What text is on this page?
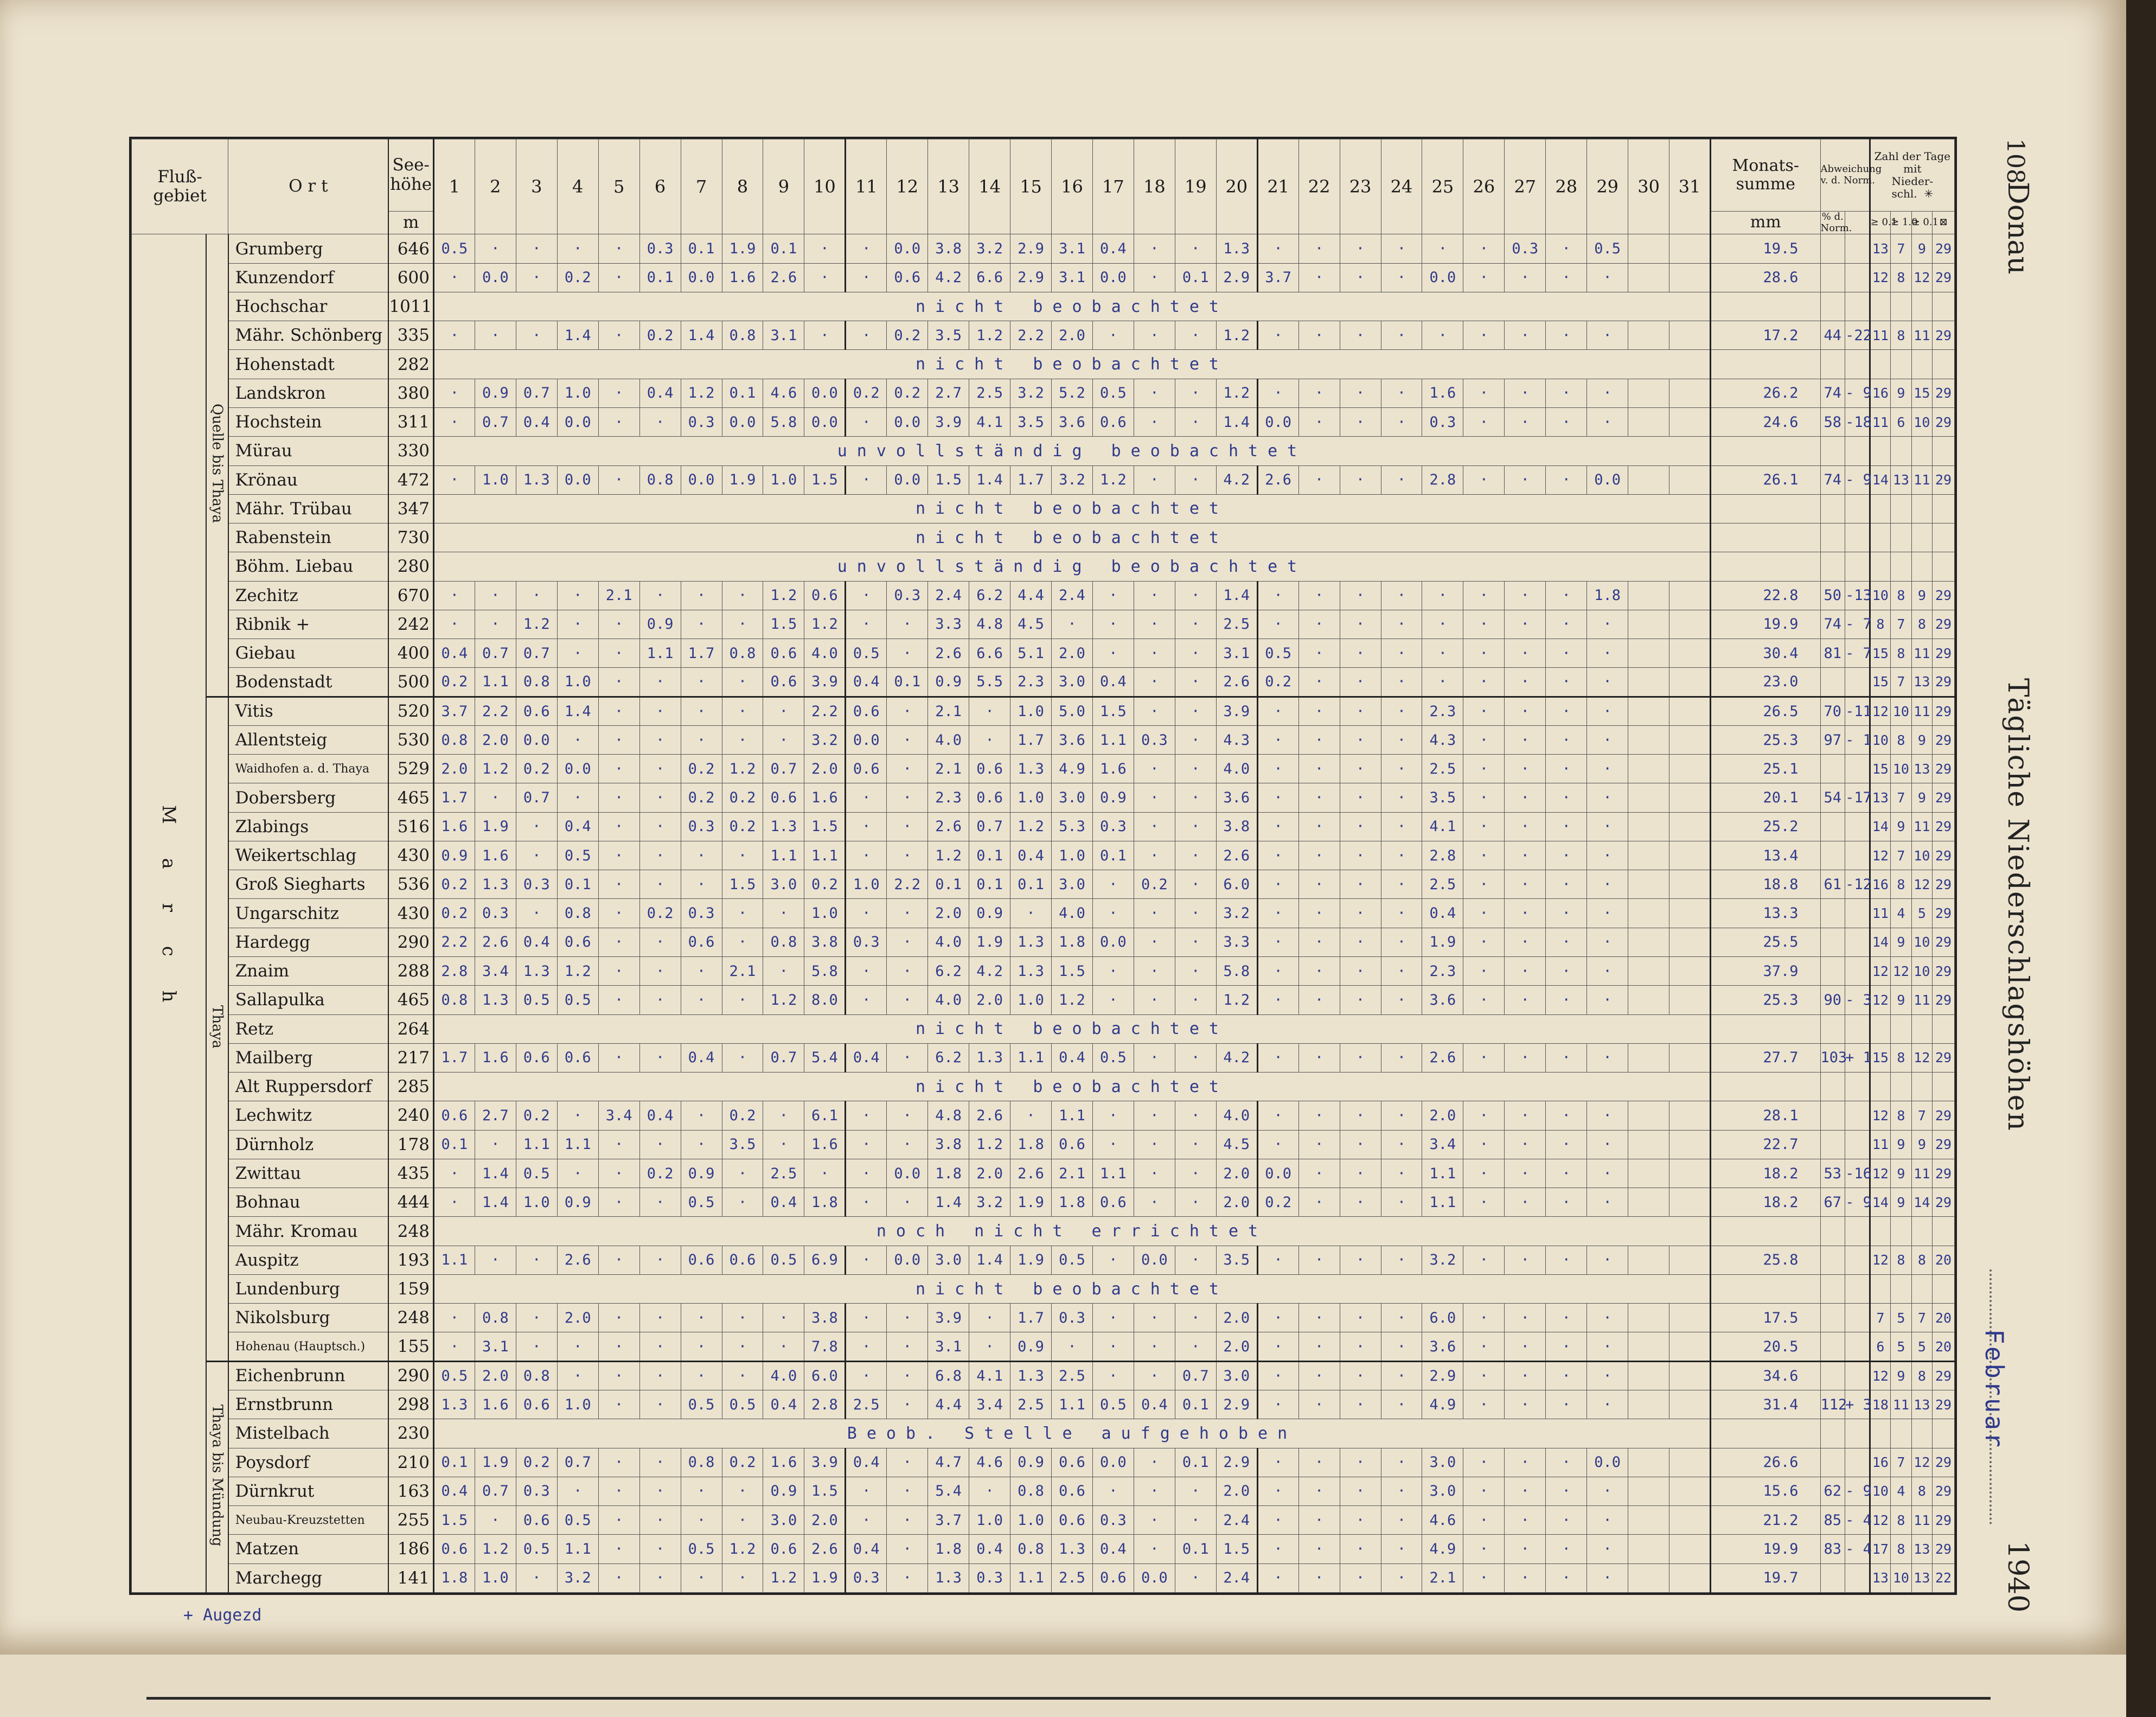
Fluß-
gebiet		O r t	See-
höhe	1	2	3	4	5	6	7	8	9	10	11	12	13	14	15	16	17	18	19	20	21	22	23	24	25	26	27	28	29	30	31	Monats-
summe	Abweichung
v. d. Norm.		Zahl der Tage
mit
Nieder-
schl.  ✳			
			m																																mm	% d.
Norm.		≥ 0.1	≥ 1.0	≥ 0.1	⊠
M a r c h	Quelle bis Thaya	Grumberg	646	0.5	·	·	·	·	0.3	0.1	1.9	0.1	·	·	0.0	3.8	3.2	2.9	3.1	0.4	·	·	1.3	·	·	·	·	·	·	0.3	·	0.5			19.5			13	7	9	29
		Kunzendorf	600	·	0.0	·	0.2	·	0.1	0.0	1.6	2.6	·	·	0.6	4.2	6.6	2.9	3.1	0.0	·	0.1	2.9	3.7	·	·	·	0.0	·	·	·	·			28.6			12	8	12	29
		Hochschar	1011	nicht beobachtet																																					
		Mähr. Schönberg	335	·	·	·	1.4	·	0.2	1.4	0.8	3.1	·	·	0.2	3.5	1.2	2.2	2.0	·	·	·	1.2	·	·	·	·	·	·	·	·	·			17.2	44	-22	11	8	11	29
		Hohenstadt	282	nicht beobachtet																																					
		Landskron	380	·	0.9	0.7	1.0	·	0.4	1.2	0.1	4.6	0.0	0.2	0.2	2.7	2.5	3.2	5.2	0.5	·	·	1.2	·	·	·	·	1.6	·	·	·	·			26.2	74	- 9	16	9	15	29
		Hochstein	311	·	0.7	0.4	0.0	·	·	0.3	0.0	5.8	0.0	·	0.0	3.9	4.1	3.5	3.6	0.6	·	·	1.4	0.0	·	·	·	0.3	·	·	·	·			24.6	58	-18	11	6	10	29
		Mürau	330	unvollständig beobachtet																																					
		Krönau	472	·	1.0	1.3	0.0	·	0.8	0.0	1.9	1.0	1.5	·	0.0	1.5	1.4	1.7	3.2	1.2	·	·	4.2	2.6	·	·	·	2.8	·	·	·	0.0			26.1	74	- 9	14	13	11	29
		Mähr. Trübau	347	nicht beobachtet																																					
		Rabenstein	730	nicht beobachtet																																					
		Böhm. Liebau	280	unvollständig beobachtet																																					
		Zechitz	670	·	·	·	·	2.1	·	·	·	1.2	0.6	·	0.3	2.4	6.2	4.4	2.4	·	·	·	1.4	·	·	·	·	·	·	·	·	1.8			22.8	50	-13	10	8	9	29
		Ribnik +	242	·	·	1.2	·	·	0.9	·	·	1.5	1.2	·	·	3.3	4.8	4.5	·	·	·	·	2.5	·	·	·	·	·	·	·	·	·			19.9	74	- 7	8	7	8	29
		Giebau	400	0.4	0.7	0.7	·	·	1.1	1.7	0.8	0.6	4.0	0.5	·	2.6	6.6	5.1	2.0	·	·	·	3.1	0.5	·	·	·	·	·	·	·	·			30.4	81	- 7	15	8	11	29
		Bodenstadt	500	0.2	1.1	0.8	1.0	·	·	·	·	0.6	3.9	0.4	0.1	0.9	5.5	2.3	3.0	0.4	·	·	2.6	0.2	·	·	·	·	·	·	·	·			23.0			15	7	13	29
	Thaya	Vitis	520	3.7	2.2	0.6	1.4	·	·	·	·	·	2.2	0.6	·	2.1	·	1.0	5.0	1.5	·	·	3.9	·	·	·	·	2.3	·	·	·	·			26.5	70	-11	12	10	11	29
		Allentsteig	530	0.8	2.0	0.0	·	·	·	·	·	·	3.2	0.0	·	4.0	·	1.7	3.6	1.1	0.3	·	4.3	·	·	·	·	4.3	·	·	·	·			25.3	97	- 1	10	8	9	29
		Waidhofen a. d. Thaya	529	2.0	1.2	0.2	0.0	·	·	0.2	1.2	0.7	2.0	0.6	·	2.1	0.6	1.3	4.9	1.6	·	·	4.0	·	·	·	·	2.5	·	·	·	·			25.1			15	10	13	29
		Dobersberg	465	1.7	·	0.7	·	·	·	0.2	0.2	0.6	1.6	·	·	2.3	0.6	1.0	3.0	0.9	·	·	3.6	·	·	·	·	3.5	·	·	·	·			20.1	54	-17	13	7	9	29
		Zlabings	516	1.6	1.9	·	0.4	·	·	0.3	0.2	1.3	1.5	·	·	2.6	0.7	1.2	5.3	0.3	·	·	3.8	·	·	·	·	4.1	·	·	·	·			25.2			14	9	11	29
		Weikertschlag	430	0.9	1.6	·	0.5	·	·	·	·	1.1	1.1	·	·	1.2	0.1	0.4	1.0	0.1	·	·	2.6	·	·	·	·	2.8	·	·	·	·			13.4			12	7	10	29
		Groß Siegharts	536	0.2	1.3	0.3	0.1	·	·	·	1.5	3.0	0.2	1.0	2.2	0.1	0.1	0.1	3.0	·	0.2	·	6.0	·	·	·	·	2.5	·	·	·	·			18.8	61	-12	16	8	12	29
		Ungarschitz	430	0.2	0.3	·	0.8	·	0.2	0.3	·	·	1.0	·	·	2.0	0.9	·	4.0	·	·	·	3.2	·	·	·	·	0.4	·	·	·	·			13.3			11	4	5	29
		Hardegg	290	2.2	2.6	0.4	0.6	·	·	0.6	·	0.8	3.8	0.3	·	4.0	1.9	1.3	1.8	0.0	·	·	3.3	·	·	·	·	1.9	·	·	·	·			25.5			14	9	10	29
		Znaim	288	2.8	3.4	1.3	1.2	·	·	·	2.1	·	5.8	·	·	6.2	4.2	1.3	1.5	·	·	·	5.8	·	·	·	·	2.3	·	·	·	·			37.9			12	12	10	29
		Sallapulka	465	0.8	1.3	0.5	0.5	·	·	·	·	1.2	8.0	·	·	4.0	2.0	1.0	1.2	·	·	·	1.2	·	·	·	·	3.6	·	·	·	·			25.3	90	- 3	12	9	11	29
		Retz	264	nicht beobachtet																																					
		Mailberg	217	1.7	1.6	0.6	0.6	·	·	0.4	·	0.7	5.4	0.4	·	6.2	1.3	1.1	0.4	0.5	·	·	4.2	·	·	·	·	2.6	·	·	·	·			27.7	103	+ 1	15	8	12	29
		Alt Ruppersdorf	285	nicht beobachtet																																					
		Lechwitz	240	0.6	2.7	0.2	·	3.4	0.4	·	0.2	·	6.1	·	·	4.8	2.6	·	1.1	·	·	·	4.0	·	·	·	·	2.0	·	·	·	·			28.1			12	8	7	29
		Dürnholz	178	0.1	·	1.1	1.1	·	·	·	3.5	·	1.6	·	·	3.8	1.2	1.8	0.6	·	·	·	4.5	·	·	·	·	3.4	·	·	·	·			22.7			11	9	9	29
		Zwittau	435	·	1.4	0.5	·	·	0.2	0.9	·	2.5	·	·	0.0	1.8	2.0	2.6	2.1	1.1	·	·	2.0	0.0	·	·	·	1.1	·	·	·	·			18.2	53	-16	12	9	11	29
		Bohnau	444	·	1.4	1.0	0.9	·	·	0.5	·	0.4	1.8	·	·	1.4	3.2	1.9	1.8	0.6	·	·	2.0	0.2	·	·	·	1.1	·	·	·	·			18.2	67	- 9	14	9	14	29
		Mähr. Kromau	248	noch nicht errichtet																																					
		Auspitz	193	1.1	·	·	2.6	·	·	0.6	0.6	0.5	6.9	·	0.0	3.0	1.4	1.9	0.5	·	0.0	·	3.5	·	·	·	·	3.2	·	·	·	·			25.8			12	8	8	20
		Lundenburg	159	nicht beobachtet																																					
		Nikolsburg	248	·	0.8	·	2.0	·	·	·	·	·	3.8	·	·	3.9	·	1.7	0.3	·	·	·	2.0	·	·	·	·	6.0	·	·	·	·			17.5			7	5	7	20
		Hohenau (Hauptsch.)	155	·	3.1	·	·	·	·	·	·	·	7.8	·	·	3.1	·	0.9	·	·	·	·	2.0	·	·	·	·	3.6	·	·	·	·			20.5			6	5	5	20
	Thaya bis Mündung	Eichenbrunn	290	0.5	2.0	0.8	·	·	·	·	·	4.0	6.0	·	·	6.8	4.1	1.3	2.5	·	·	0.7	3.0	·	·	·	·	2.9	·	·	·	·			34.6			12	9	8	29
		Ernstbrunn	298	1.3	1.6	0.6	1.0	·	·	0.5	0.5	0.4	2.8	2.5	·	4.4	3.4	2.5	1.1	0.5	0.4	0.1	2.9	·	·	·	·	4.9	·	·	·	·			31.4	112	+ 3	18	11	13	29
		Mistelbach	230	Beob. Stelle aufgehoben																																					
		Poysdorf	210	0.1	1.9	0.2	0.7	·	·	0.8	0.2	1.6	3.9	0.4	·	4.7	4.6	0.9	0.6	0.0	·	0.1	2.9	·	·	·	·	3.0	·	·	·	0.0			26.6			16	7	12	29
		Dürnkrut	163	0.4	0.7	0.3	·	·	·	·	·	0.9	1.5	·	·	5.4	·	0.8	0.6	·	·	·	2.0	·	·	·	·	3.0	·	·	·	·			15.6	62	- 9	10	4	8	29
		Neubau-Kreuzstetten	255	1.5	·	0.6	0.5	·	·	·	·	3.0	2.0	·	·	3.7	1.0	1.0	0.6	0.3	·	·	2.4	·	·	·	·	4.6	·	·	·	·			21.2	85	- 4	12	8	11	29
		Matzen	186	0.6	1.2	0.5	1.1	·	·	0.5	1.2	0.6	2.6	0.4	·	1.8	0.4	0.8	1.3	0.4	·	0.1	1.5	·	·	·	·	4.9	·	·	·	·			19.9	83	- 4	17	8	13	29
		Marchegg	141	1.8	1.0	·	3.2	·	·	·	·	1.2	1.9	0.3	·	1.3	0.3	1.1	2.5	0.6	0.0	·	2.4	·	·	·	·	2.1	·	·	·	·			19.7			13	10	13	22
108
Donau
Tägliche Niederschlagshöhen
Februar
1940
+ Augezd
